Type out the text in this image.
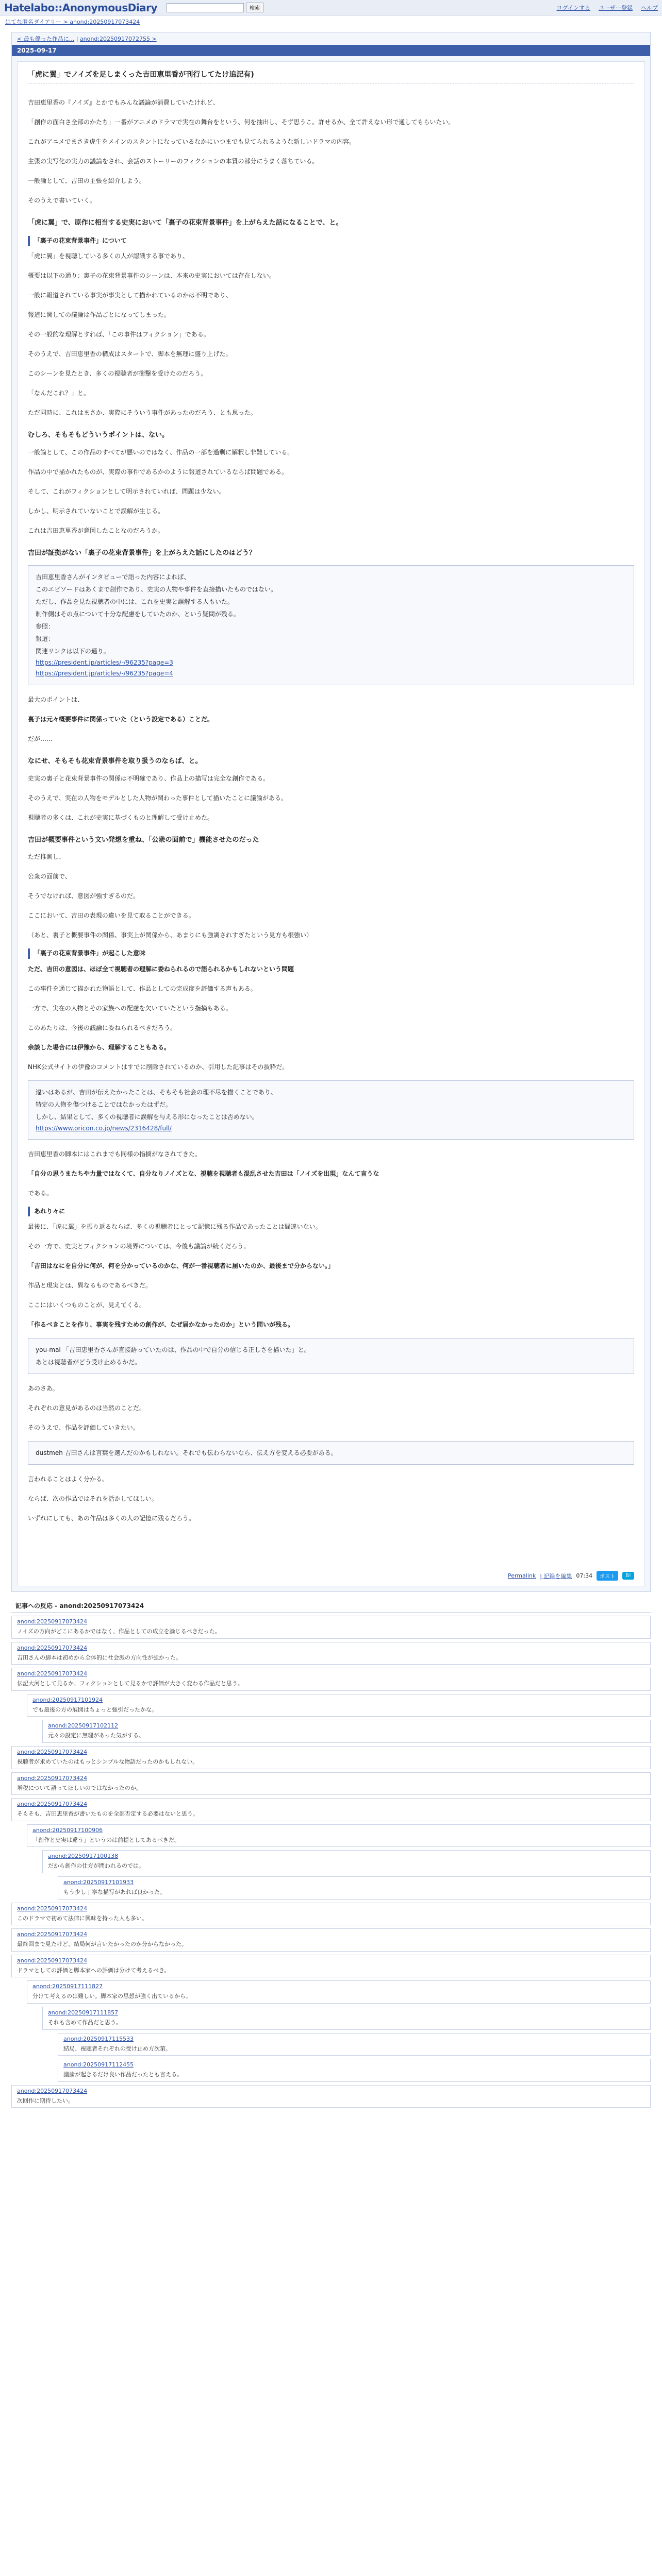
Hatelabo::AnonymousDiary	検索	ログインする ユーザー登録 ヘルプ
はてな匿名ダイアリー > anond:20250917073424
< 最も優った作品に... | anond:20250917072755 >
2025-09-17
「虎に翼」でノイズを足しまくった吉田恵里香が刊行してたけ追記有)

吉田恵里香の『ノイズ』とかでもみんな議論が消費していたけれど、

「創作の面白さ全部のかたち」一番がアニメのドラマで実在の舞台をという、何を抽出し、そず思うこ。許せるか、全て許えない形で通してもらいたい。

これがアニメでまさき虎生をメインのスタントになっているなかにいつまでも見てられるような新しいドラマの内容。

主張の実写化の実力の議論をされ、会話のストーリーのフィクションの本質の部分にうまく落ちている。

一般論として、吉田の主張を紹介しよう。

そのうえで書いていく。

「虎に翼」で、原作に相当する史実において「裏子の花束背景事件」を上がらえた話になることで、と。
「裏子の花束背景事件」について

「虎に翼」を視聴している多くの人が認識する事であり、

概要は以下の通り：裏子の花束背景事件のシーンは、本来の史実においては存在しない。

一般に報道されている事実が事実として描かれているのかは不明であり、

報道に関しての議論は作品ごとになってしまった。

その一般的な理解とすれば、「この事件はフィクション」である。

そのうえで、吉田恵里香の構成はスタートで、脚本を無理に盛り上げた。

このシーンを見たとき、多くの視聴者が衝撃を受けたのだろう。

「なんだこれ？」と。

ただ同時に、これはまさか、実際にそういう事件があったのだろう、とも思った。

むしろ、そもそもどういうポイントは、ない。

一般論として、この作品のすべてが悪いのではなく、作品の一部を過剰に解釈し非難している。

作品の中で描かれたものが、実際の事件であるかのように報道されているならば問題である。

そして、これがフィクションとして明示されていれば、問題は少ない。

しかし、明示されていないことで誤解が生じる。

これは吉田恵里香が意図したことなのだろうか。

吉田が証拠がない「裏子の花束背景事件」を上がらえた話にしたのはどう？
吉田恵里香さんがインタビューで語った内容によれば、
このエピソードはあくまで創作であり、史実の人物や事件を直接描いたものではない。
ただし、作品を見た視聴者の中には、これを史実と誤解する人もいた。
制作側はその点について十分な配慮をしていたのか、という疑問が残る。
参照：
報道：
関連リンクは以下の通り。
https://president.jp/articles/-/96235?page=3
https://president.jp/articles/-/96235?page=4

最大のポイントは、

裏子は元々概要事件に関係っていた（という設定である）ことだ。

だが……

なにせ、そもそも花束背景事件を取り扱うのならば、と。

史実の裏子と花束背景事件の関係は不明確であり、作品上の描写は完全な創作である。

そのうえで、実在の人物をモデルとした人物が関わった事件として描いたことに議論がある。

視聴者の多くは、これが史実に基づくものと理解して受け止めた。

吉田が概要事件という文い発想を重ね、「公衆の面前で」機能させたのだった

ただ推測し、

公衆の面前で、

そうでなければ、意図が強すぎるのだ。

ここにおいて、吉田の表現の違いを見て取ることができる。

（あと、裏子と概要事件の関係、事実上が関係から、あまりにも強調されすぎたという見方も根強い）

「裏子の花束背景事件」が起こした意味

ただ、吉田の意図は、ほぼ全て視聴者の理解に委ねられるので語られるかもしれないという問題

この事件を通じて描かれた物語として、作品としての完成度を評価する声もある。

一方で、実在の人物とその家族への配慮を欠いていたという指摘もある。

このあたりは、今後の議論に委ねられるべきだろう。

余談した場合には伊豫から、理解することもある。

NHK公式サイトの伊豫のコメントはすでに削除されているのか、引用した記事はその抜粋だ。

違いはあるが、吉田が伝えたかったことは、そもそも社会の理不尽を描くことであり、
特定の人物を傷つけることではなかったはずだ。
しかし、結果として、多くの視聴者に誤解を与える形になったことは否めない。
https://www.oricon.co.jp/news/2316428/full/

吉田恵里香の脚本にはこれまでも同様の指摘がなされてきた。

「自分の思うまたちや力量ではなくて、自分なりノイズとな、視聴を視聴者も混乱させた吉田は「ノイズを出現」なんて言うな

である。

あれり々に

最後に、「虎に翼」を振り返るならば、多くの視聴者にとって記憶に残る作品であったことは間違いない。

その一方で、史実とフィクションの境界については、今後も議論が続くだろう。

「吉田はなにを自分に何が、何を分かっているのかな、何が一番視聴者に届いたのか、最後まで分からない。」

作品と現実とは、異なるものであるべきだ。

ここにはいくつものことが、見えてくる。

「作るべきことを作り、事実を残すための創作が、なぜ届かなかったのか」という問いが残る。

you-mai 「吉田恵里香さんが直接語っていたのは、作品の中で自分の信じる正しさを描いた」と。
あとは視聴者がどう受け止めるかだ。

あのさあ。

それぞれの意見があるのは当然のことだ。

そのうえで、作品を評価していきたい。

dustmeh 吉田さんは言葉を選んだのかもしれない。それでも伝わらないなら、伝え方を変える必要がある。

言われることはよく分かる。

ならば、次の作品ではそれを活かしてほしい。

いずれにしても、あの作品は多くの人の記憶に残るだろう。

Permalink | 記録を編集 07:34	ポスト	B!
記事への反応 - anond:20250917073424
anond:20250917073424
ノイズの方向がどこにあるかではなく、作品としての成立を論じるべきだった。
anond:20250917073424
吉田さんの脚本は初めから全体的に社会派の方向性が強かった。
anond:20250917073424
伝記大河として見るか、フィクションとして見るかで評価が大きく変わる作品だと思う。
anond:20250917101924
でも最後の方の展開はちょっと強引だったかな。
anond:20250917102112
元々の設定に無理があった気がする。
anond:20250917073424
視聴者が求めていたのはもっとシンプルな物語だったのかもしれない。
anond:20250917073424
増税について語ってほしいのではなかったのか。
anond:20250917073424
そもそも、吉田恵里香が書いたものを全部否定する必要はないと思う。
anond:20250917100906
「創作と史実は違う」というのは前提としてあるべきだ。
anond:20250917100138
だから創作の仕方が問われるのでは。
anond:20250917101933
もう少し丁寧な描写があれば良かった。
anond:20250917073424
このドラマで初めて法律に興味を持った人も多い。
anond:20250917073424
最終回まで見たけど、結局何が言いたかったのか分からなかった。
anond:20250917073424
ドラマとしての評価と脚本家への評価は分けて考えるべき。
anond:20250917111827
分けて考えるのは難しい。脚本家の思想が強く出ているから。
anond:20250917111857
それも含めて作品だと思う。
anond:20250917115533
結局、視聴者それぞれの受け止め方次第。
anond:20250917112455
議論が起きるだけ良い作品だったとも言える。
anond:20250917073424
次回作に期待したい。
